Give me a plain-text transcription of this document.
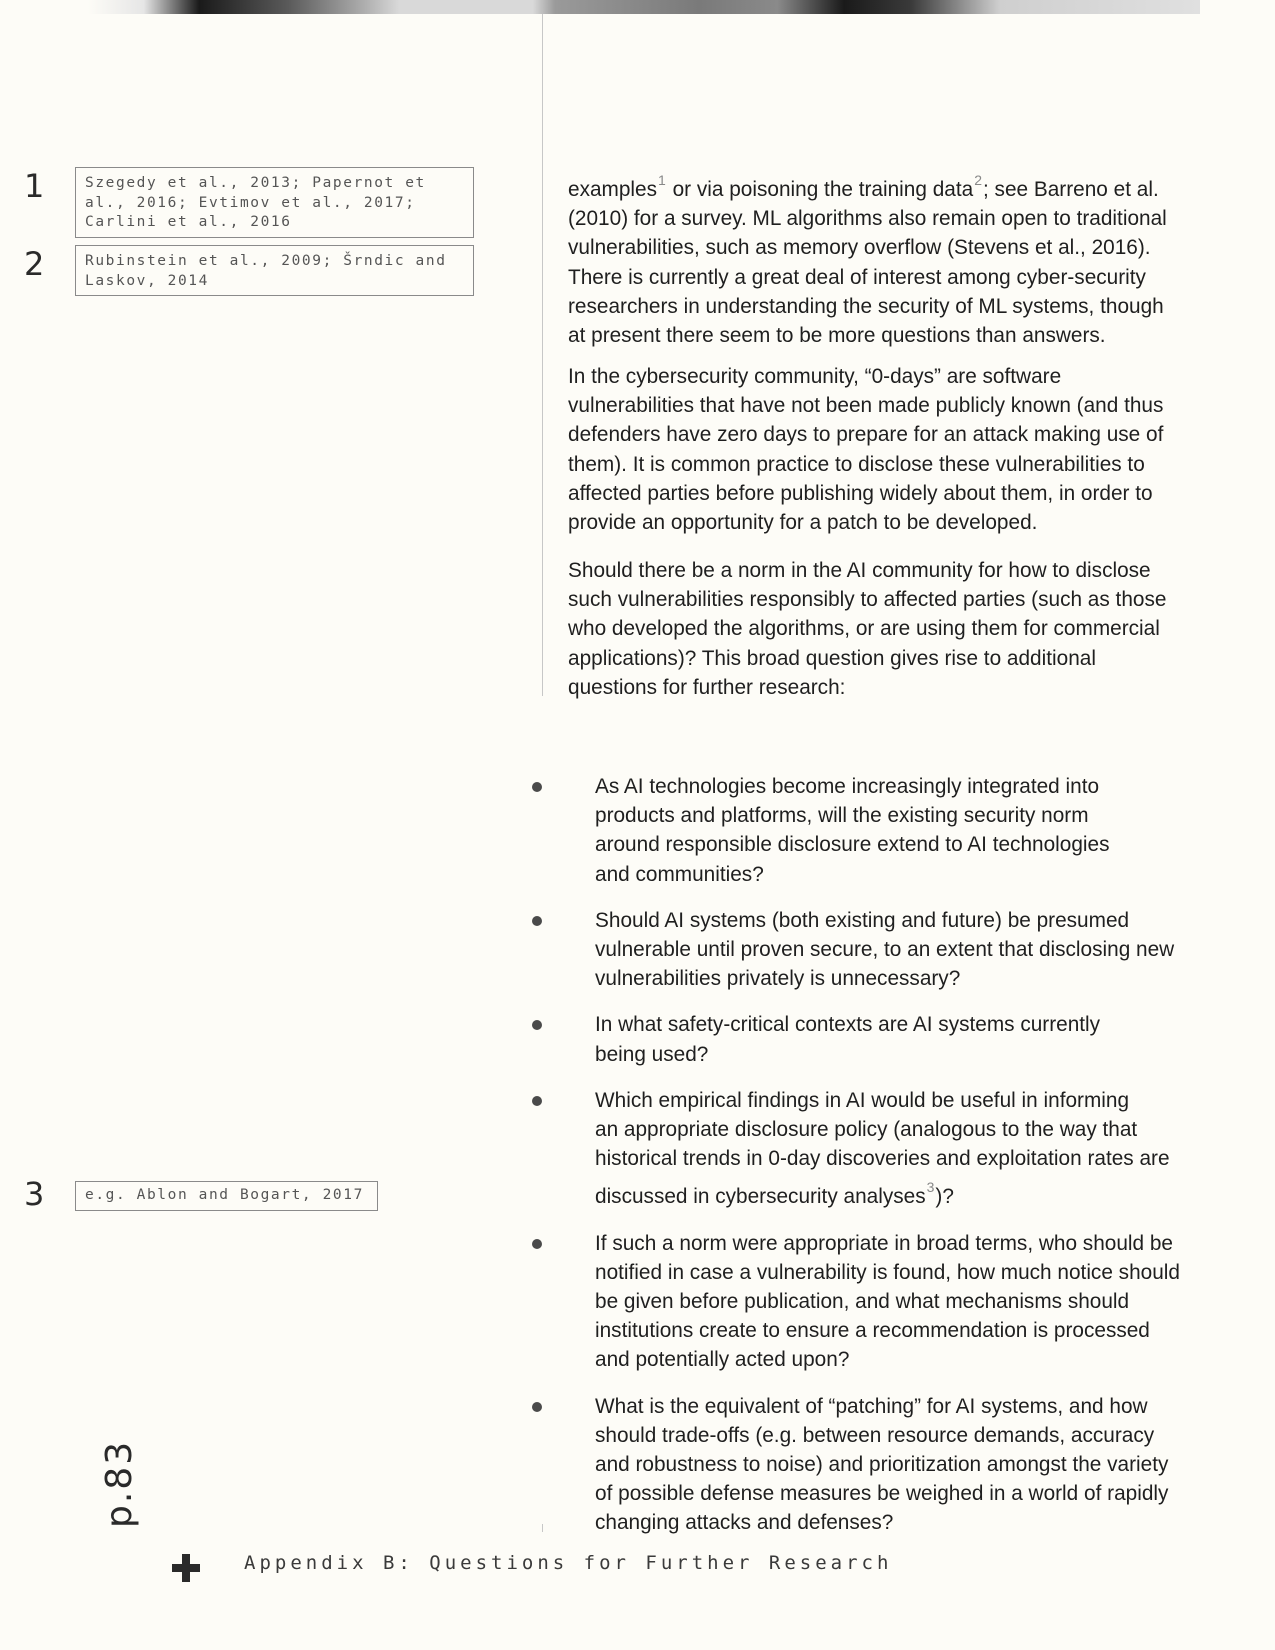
1	Szegedy et al., 2013; Papernot et
al., 2016; Evtimov et al., 2017;
Carlini et al., 2016
2	Rubinstein et al., 2009; Šrndic and
Laskov, 2014
3	e.g. Ablon and Bogart, 2017

examples$^1$ or via poisoning the training data$^2$; see Barreno et al.

(2010) for a survey. ML algorithms also remain open to traditional

vulnerabilities, such as memory overflow (Stevens et al., 2016).

There is currently a great deal of interest among cyber-security

researchers in understanding the security of ML systems, though

at present there seem to be more questions than answers.

In the cybersecurity community, “0-days” are software

vulnerabilities that have not been made publicly known (and thus

defenders have zero days to prepare for an attack making use of

them). It is common practice to disclose these vulnerabilities to

affected parties before publishing widely about them, in order to

provide an opportunity for a patch to be developed.

Should there be a norm in the AI community for how to disclose

such vulnerabilities responsibly to affected parties (such as those

who developed the algorithms, or are using them for commercial

applications)? This broad question gives rise to additional

questions for further research:

As AI technologies become increasingly integrated into
products and platforms, will the existing security norm
around responsible disclosure extend to AI technologies
and communities?
Should AI systems (both existing and future) be presumed
vulnerable until proven secure, to an extent that disclosing new
vulnerabilities privately is unnecessary?
In what safety-critical contexts are AI systems currently
being used?
Which empirical findings in AI would be useful in informing
an appropriate disclosure policy (analogous to the way that
historical trends in 0-day discoveries and exploitation rates are
discussed in cybersecurity analyses$^3$)?
If such a norm were appropriate in broad terms, who should be
notified in case a vulnerability is found, how much notice should
be given before publication, and what mechanisms should
institutions create to ensure a recommendation is processed
and potentially acted upon?
What is the equivalent of “patching” for AI systems, and how
should trade-offs (e.g. between resource demands, accuracy
and robustness to noise) and prioritization amongst the variety
of possible defense measures be weighed in a world of rapidly
changing attacks and defenses?
p.83
Appendix B: Questions for Further Research
